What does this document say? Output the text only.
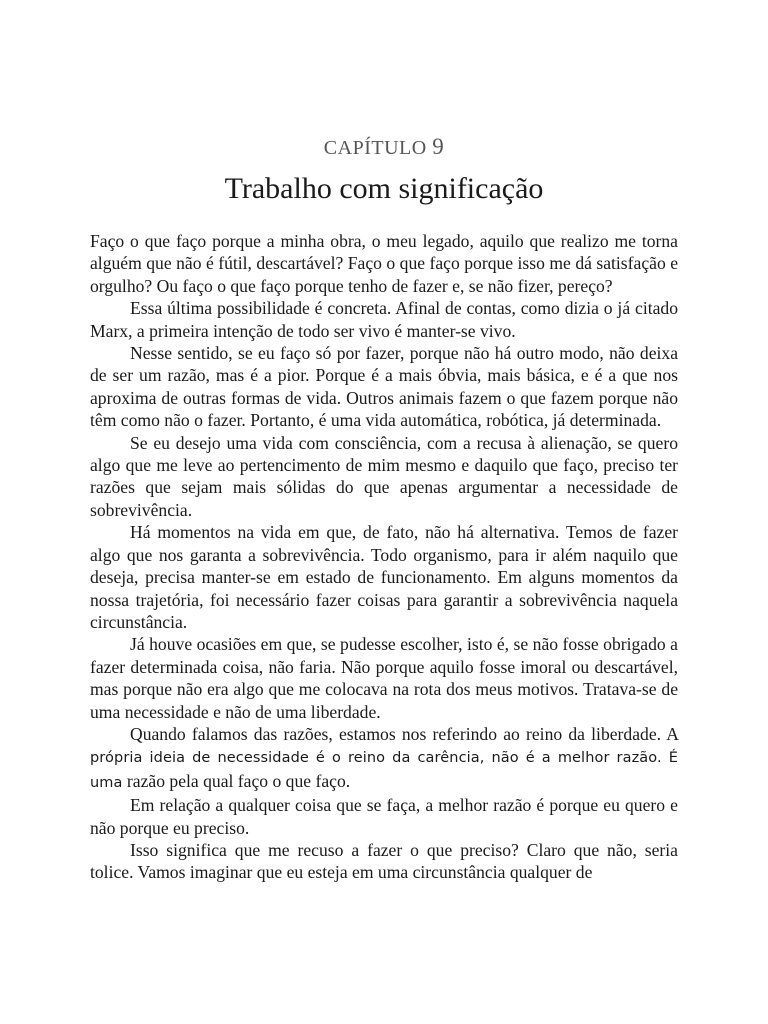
CAPÍTULO 9
Trabalho com significação

Faço o que faço porque a minha obra, o meu legado, aquilo que realizo me torna alguém que não é fútil, descartável? Faço o que faço porque isso me dá satisfação e orgulho? Ou faço o que faço porque tenho de fazer e, se não fizer, pereço?

Essa última possibilidade é concreta. Afinal de contas, como dizia o já citado Marx, a primeira intenção de todo ser vivo é manter-se vivo.

Nesse sentido, se eu faço só por fazer, porque não há outro modo, não deixa de ser um razão, mas é a pior. Porque é a mais óbvia, mais básica, e é a que nos aproxima de outras formas de vida. Outros animais fazem o que fazem porque não têm como não o fazer. Portanto, é uma vida automática, robótica, já determinada.

Se eu desejo uma vida com consciência, com a recusa à alienação, se quero algo que me leve ao pertencimento de mim mesmo e daquilo que faço, preciso ter razões que sejam mais sólidas do que apenas argumentar a necessidade de sobrevivência.

Há momentos na vida em que, de fato, não há alternativa. Temos de fazer algo que nos garanta a sobrevivência. Todo organismo, para ir além naquilo que deseja, precisa manter-se em estado de funcionamento. Em alguns momentos da nossa trajetória, foi necessário fazer coisas para garantir a sobrevivência naquela circunstância.

Já houve ocasiões em que, se pudesse escolher, isto é, se não fosse obrigado a fazer determinada coisa, não faria. Não porque aquilo fosse imoral ou descartável, mas porque não era algo que me colocava na rota dos meus motivos. Tratava-se de uma necessidade e não de uma liberdade.

Quando falamos das razões, estamos nos referindo ao reino da liberdade. A própria ideia de necessidade é o reino da carência, não é a melhor razão. É uma razão pela qual faço o que faço.

Em relação a qualquer coisa que se faça, a melhor razão é porque eu quero e não porque eu preciso.

Isso significa que me recuso a fazer o que preciso? Claro que não, seria tolice. Vamos imaginar que eu esteja em uma circunstância qualquer de
